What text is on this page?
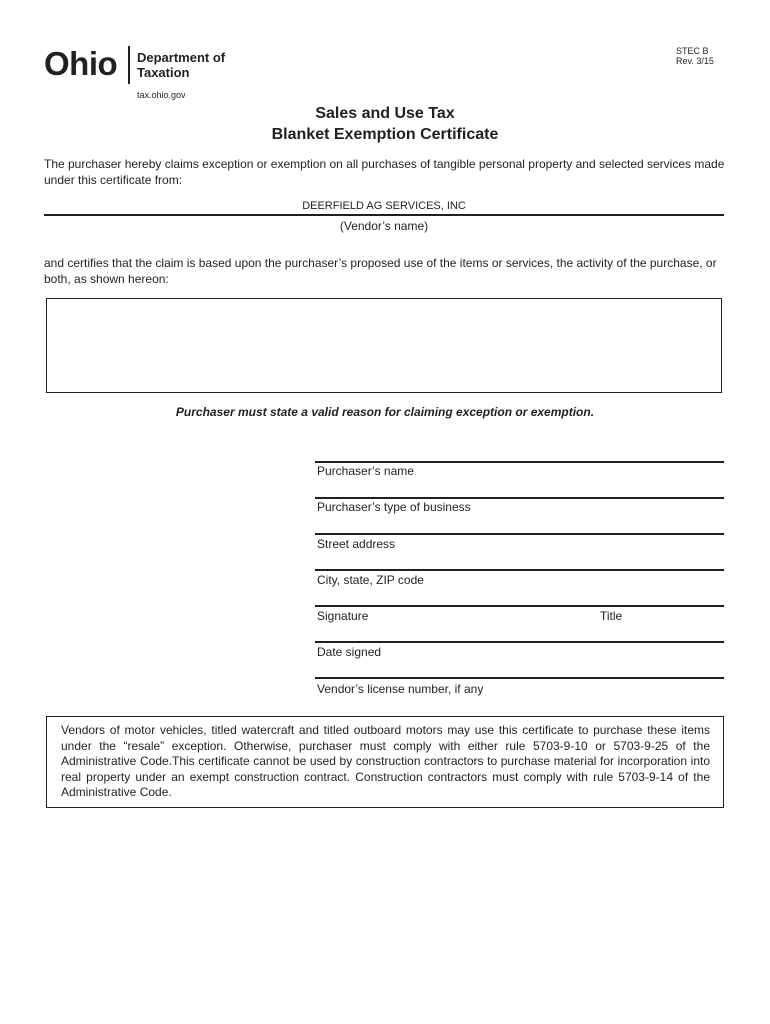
Ohio Department of
Taxation
tax.ohio.gov
STEC B
Rev. 3/15
Sales and Use Tax
Blanket Exemption Certificate
The purchaser hereby claims exception or exemption on all purchases of tangible personal property and selected services made under this certificate from:
DEERFIELD AG SERVICES, INC
(Vendor’s name)
and certifies that the claim is based upon the purchaser’s proposed use of the items or services, the activity of the purchase, or both, as shown hereon:
Purchaser must state a valid reason for claiming exception or exemption.
Purchaser’s name
Purchaser’s type of business
Street address
City, state, ZIP code
Signature	Title
Date signed
Vendor’s license number, if any
Vendors of motor vehicles, titled watercraft and titled outboard motors may use this certificate to purchase these items under the “resale” exception. Otherwise, purchaser must comply with either rule 5703-9-10 or 5703-9-25 of the Administrative Code.This certificate cannot be used by construction contractors to purchase material for incorporation into real property under an exempt construction contract. Construction contractors must comply with rule 5703-9-14 of the Administrative Code.
